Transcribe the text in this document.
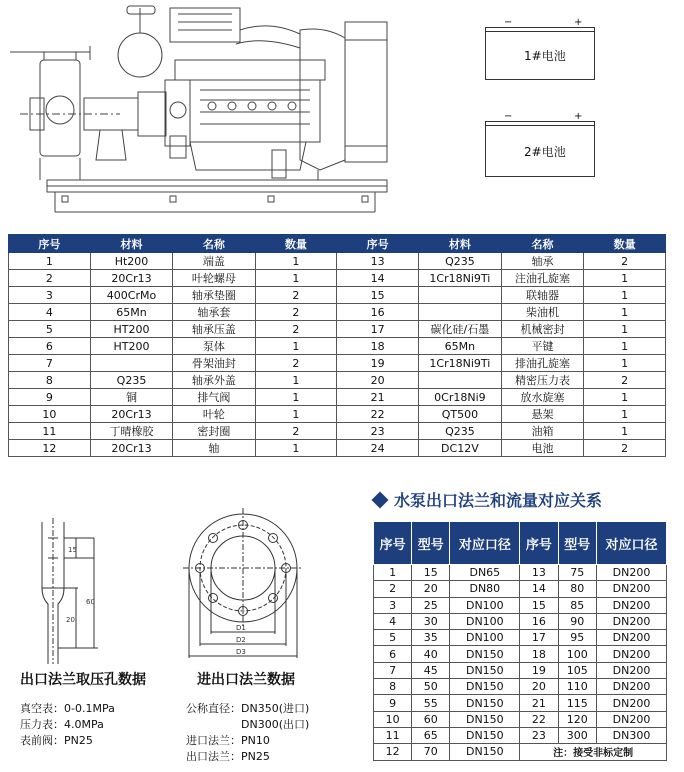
−	+
1#电池
−	+
2#电池
序号	材料	名称	数量	序号	材料	名称	数量
1	Ht200	端盖	1	13	Q235	轴承	2
2	20Cr13	叶轮螺母	1	14	1Cr18Ni9Ti	注油孔旋塞	1
3	400CrMo	轴承垫圈	2	15		联轴器	1
4	65Mn	轴承套	2	16		柴油机	1
5	HT200	轴承压盖	2	17	碳化硅/石墨	机械密封	1
6	HT200	泵体	1	18	65Mn	平键	1
7		骨架油封	2	19	1Cr18Ni9Ti	排油孔旋塞	1
8	Q235	轴承外盖	1	20		精密压力表	2
9	铜	排气阀	1	21	0Cr18Ni9	放水旋塞	1
10	20Cr13	叶轮	1	22	QT500	悬架	1
11	丁晴橡胶	密封圈	2	23	Q235	油箱	1
12	20Cr13	轴	1	24	DC12V	电池	2
15
60
20
出口法兰取压孔数据
真空表：0-0.1MPa
压力表：4.0MPa
表前阀：PN25
D1
D2
D3
进出口法兰数据
公称直径：DN350(进口)
DN300(出口)
进口法兰：PN10
出口法兰：PN25
水泵出口法兰和流量对应关系
序号	型号	对应口径	序号	型号	对应口径
1	15	DN65	13	75	DN200
2	20	DN80	14	80	DN200
3	25	DN100	15	85	DN200
4	30	DN100	16	90	DN200
5	35	DN100	17	95	DN200
6	40	DN150	18	100	DN200
7	45	DN150	19	105	DN200
8	50	DN150	20	110	DN200
9	55	DN150	21	115	DN200
10	60	DN150	22	120	DN200
11	65	DN150	23	300	DN300
12	70	DN150	注：接受非标定制		
